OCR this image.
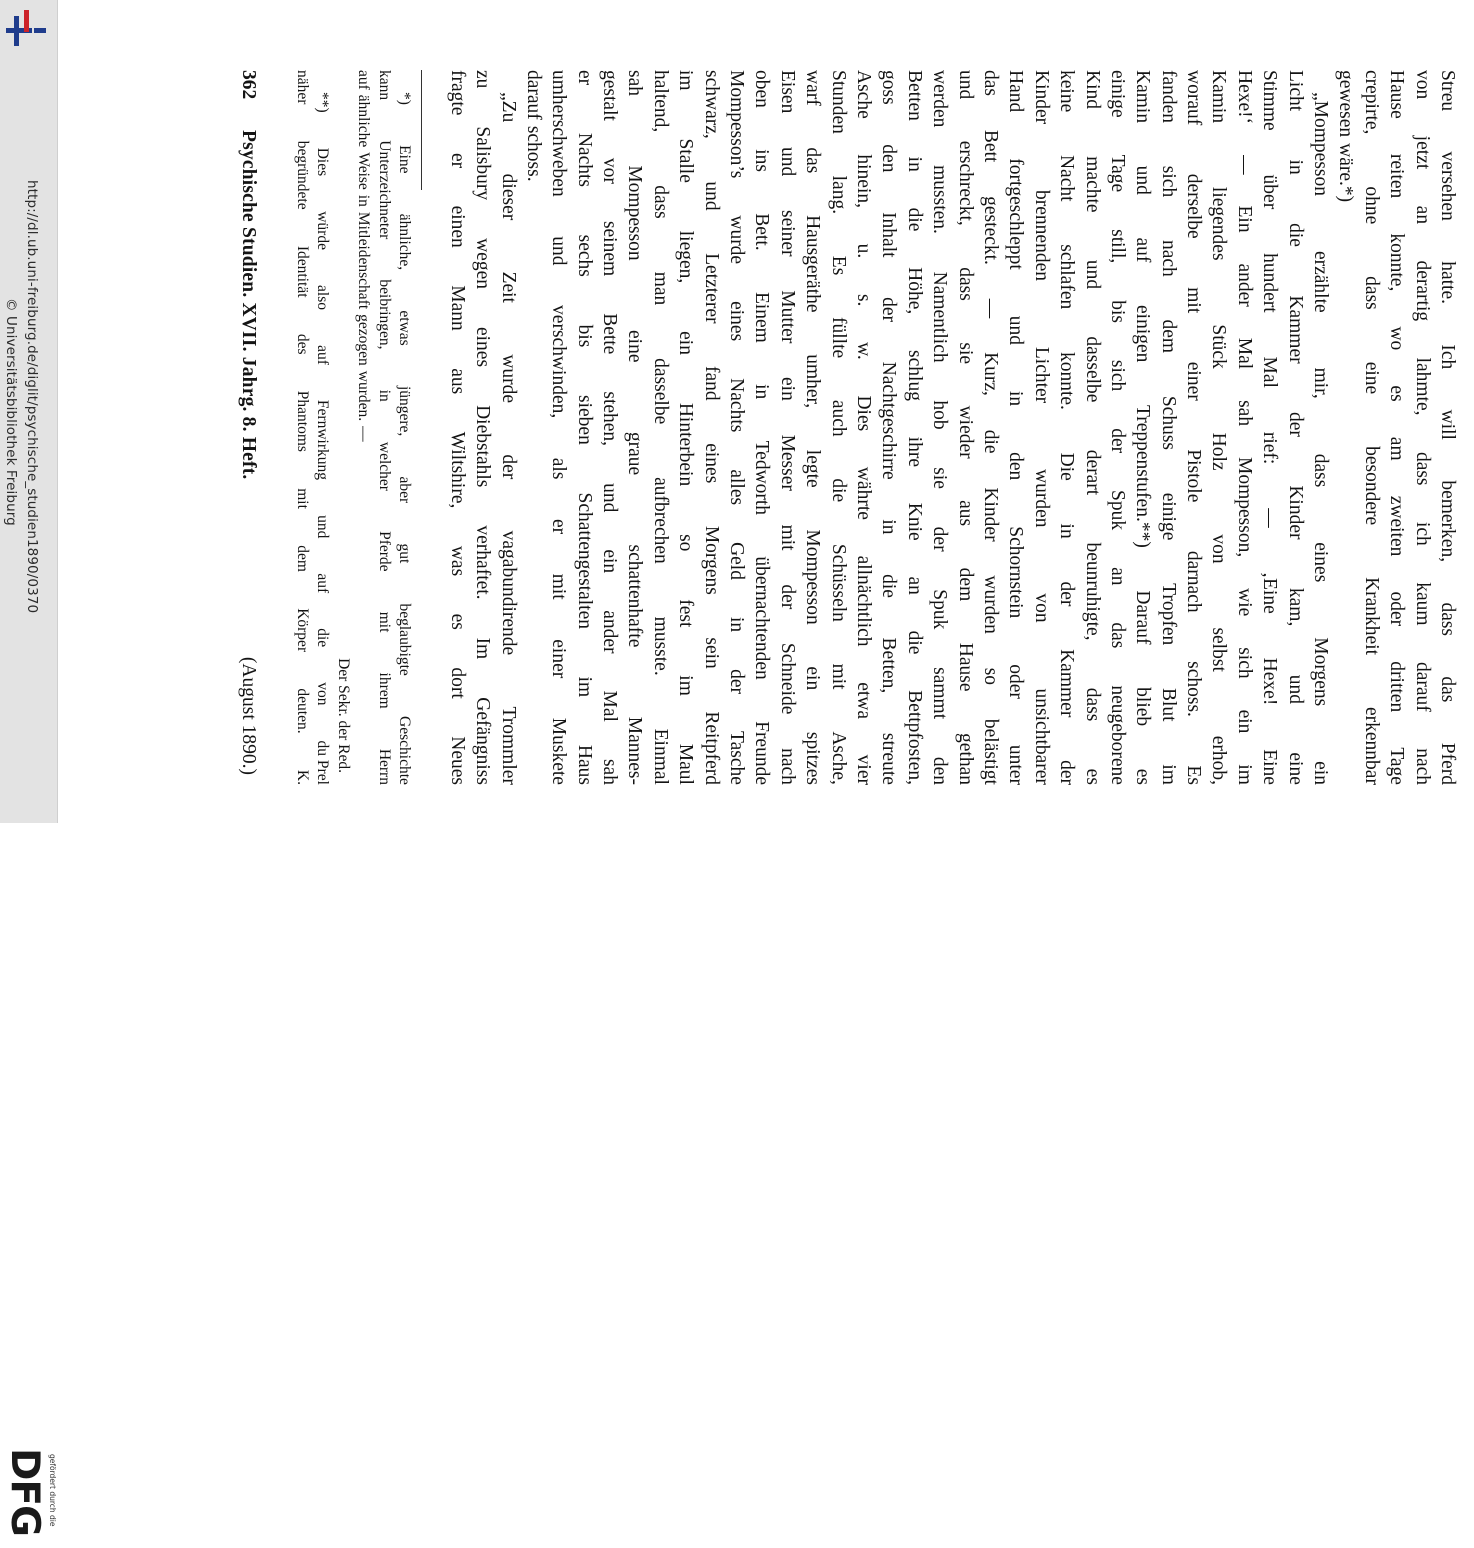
http://dl.ub.uni-freiburg.de/diglit/psychische_studien1890/0370
© Universitätsbibliothek Freiburg
gefördert durch die
DFG
Streu
versehen
hatte.
Ich
will
bemerken,
dass
das
Pferd
von
jetzt
an
derartig
lahmte,
dass
ich
kaum
darauf
nach
Hause
reiten
konnte,
wo
es
am
zweiten
oder
dritten
Tage
crepirte,
ohne
dass
eine
besondere
Krankheit
erkennbar
gewesen
wäre.*)
„Mompesson
erzählte
mir,
dass
eines
Morgens
ein
Licht
in
die
Kammer
der
Kinder
kam,
und
eine
Stimme
über
hundert
Mal
rief:
—
‚Eine
Hexe!
Eine
Hexe!‘
—
Ein
ander
Mal
sah
Mompesson,
wie
sich
ein
im
Kamin
liegendes
Stück
Holz
von
selbst
erhob,
worauf
derselbe
mit
einer
Pistole
darnach
schoss.
Es
fanden
sich
nach
dem
Schuss
einige
Tropfen
Blut
im
Kamin
und
auf
einigen
Treppenstufen.**)
Darauf
blieb
es
einige
Tage
still,
bis
sich
der
Spuk
an
das
neugeborene
Kind
machte
und
dasselbe
derart
beunruhigte,
dass
es
keine
Nacht
schlafen
konnte.
Die
in
der
Kammer
der
Kinder
brennenden
Lichter
wurden
von
unsichtbarer
Hand
fortgeschleppt
und
in
den
Schornstein
oder
unter
das
Bett
gesteckt.
—
Kurz,
die
Kinder
wurden
so
belästigt
und
erschreckt,
dass
sie
wieder
aus
dem
Hause
gethan
werden
mussten.
Namentlich
hob
sie
der
Spuk
sammt
den
Betten
in
die
Höhe,
schlug
ihre
Knie
an
die
Bettpfosten,
goss
den
Inhalt
der
Nachtgeschirre
in
die
Betten,
streute
Asche
hinein,
u.
s.
w.
Dies
währte
allnächtlich
etwa
vier
Stunden
lang.
Es
füllte
auch
die
Schüsseln
mit
Asche,
warf
das
Hausgeräthe
umher,
legte
Mompesson
ein
spitzes
Eisen
und
seiner
Mutter
ein
Messer
mit
der
Schneide
nach
oben
ins
Bett.
Einem
in
Tedworth
übernachtenden
Freunde
Mompesson’s
wurde
eines
Nachts
alles
Geld
in
der
Tasche
schwarz,
und
Letzterer
fand
eines
Morgens
sein
Reitpferd
im
Stalle
liegen,
ein
Hinterbein
so
fest
im
Maul
haltend,
dass
man
dasselbe
aufbrechen
musste.
Einmal
sah
Mompesson
eine
graue
schattenhafte
Mannes-
gestalt
vor
seinem
Bette
stehen,
und
ein
ander
Mal
sah
er
Nachts
sechs
bis
sieben
Schattengestalten
im
Haus
umherschweben
und
verschwinden,
als
er
mit
einer
Muskete
darauf
schoss.
„Zu
dieser
Zeit
wurde
der
vagabundirende
Trommler
zu
Salisbury
wegen
eines
Diebstahls
verhaftet.
Im
Gefängniss
fragte
er
einen
Mann
aus
Wiltshire,
was
es
dort
Neues
*)
Eine
ähnliche,
etwas
jüngere,
aber
gut
beglaubigte
Geschichte
kann
Unterzeichneter
beibringen,
in
welcher
Pferde
mit
ihrem
Herrn
auf
ähnliche
Weise
in
Mitleidenschaft
gezogen
wurden.
—
Der Sekr. der Red.
**)
Dies
würde
also
auf
Fernwirkung
und
auf
die
von
du Prel
näher
begründete
Identität
des
Phantoms
mit
dem
Körper
deuten.
K.
362
Psychische Studien. XVII. Jahrg. 8. Heft.
(August 1890.)
